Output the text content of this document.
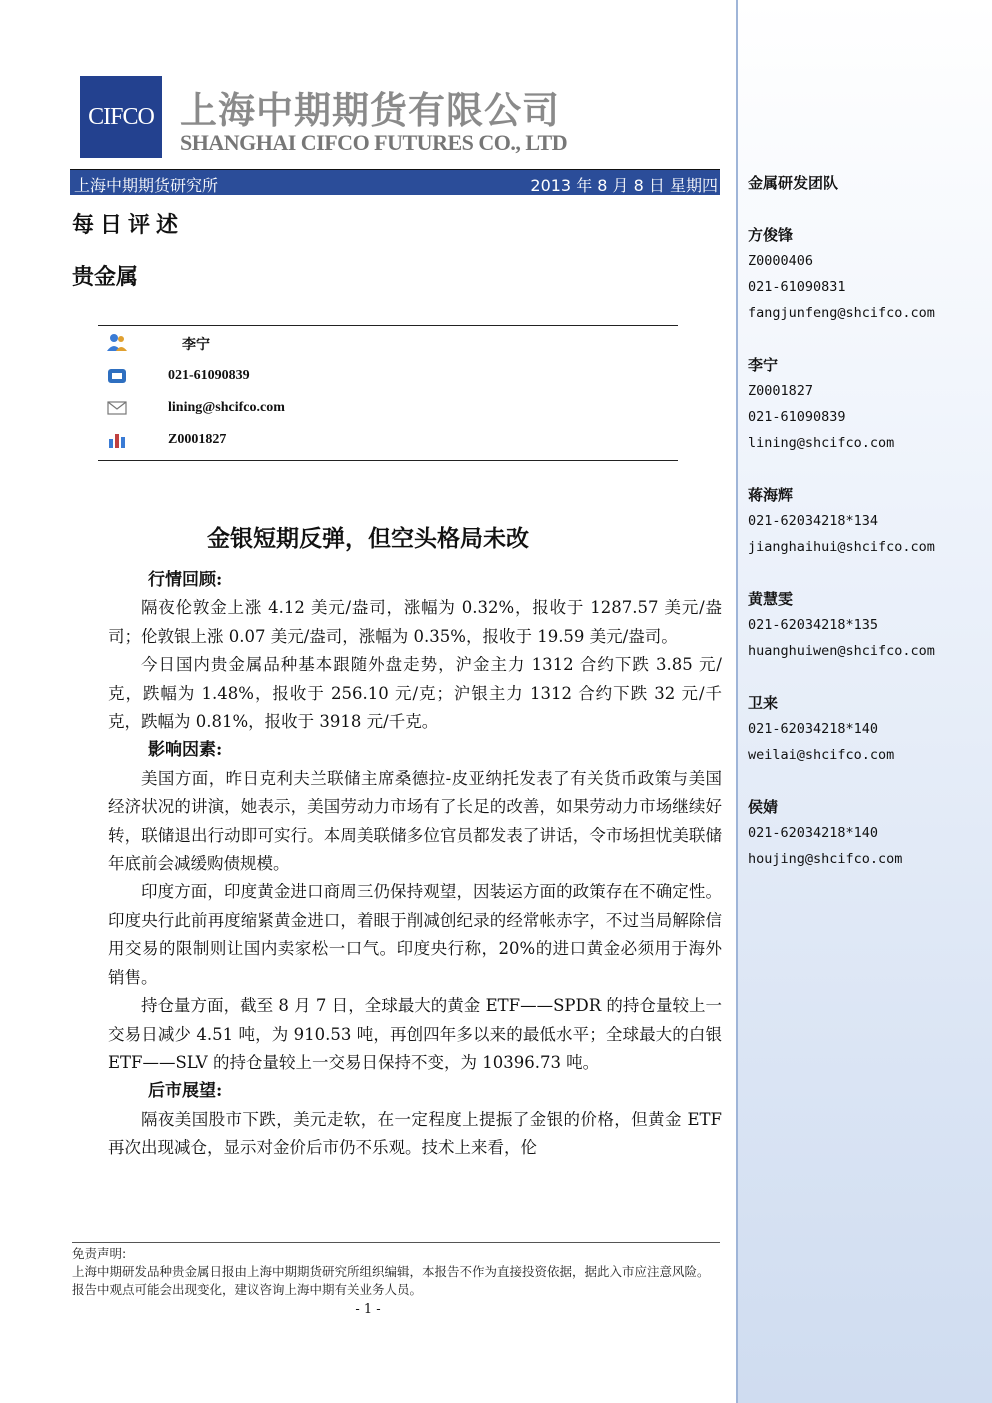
CIFCO 上海中期期货有限公司
SHANGHAI CIFCO FUTURES CO., LTD
上海中期期货研究所	2013 年 8 月 8 日 星期四
每日评述
贵金属
李宁
021-61090839
lining@shcifco.com
Z0001827
金银短期反弹，但空头格局未改
行情回顾:

隔夜伦敦金上涨 4.12 美元/盎司，涨幅为 0.32%，报收于 1287.57 美元/盎司；伦敦银上涨 0.07 美元/盎司，涨幅为 0.35%，报收于 19.59 美元/盎司。

今日国内贵金属品种基本跟随外盘走势，沪金主力 1312 合约下跌 3.85 元/克，跌幅为 1.48%，报收于 256.10 元/克；沪银主力 1312 合约下跌 32 元/千克，跌幅为 0.81%，报收于 3918 元/千克。

影响因素:

美国方面，昨日克利夫兰联储主席桑德拉-皮亚纳托发表了有关货币政策与美国经济状况的讲演，她表示，美国劳动力市场有了长足的改善，如果劳动力市场继续好转，联储退出行动即可实行。本周美联储多位官员都发表了讲话，令市场担忧美联储年底前会减缓购债规模。

印度方面，印度黄金进口商周三仍保持观望，因装运方面的政策存在不确定性。印度央行此前再度缩紧黄金进口，着眼于削减创纪录的经常帐赤字，不过当局解除信用交易的限制则让国内卖家松一口气。印度央行称，20%的进口黄金必须用于海外销售。

持仓量方面，截至 8 月 7 日，全球最大的黄金 ETF——SPDR 的持仓量较上一交易日减少 4.51 吨，为 910.53 吨，再创四年多以来的最低水平；全球最大的白银 ETF——SLV 的持仓量较上一交易日保持不变，为 10396.73 吨。

后市展望:

隔夜美国股市下跌，美元走软，在一定程度上提振了金银的价格，但黄金 ETF 再次出现减仓，显示对金价后市仍不乐观。技术上来看，伦

免责声明:
上海中期研发品种贵金属日报由上海中期期货研究所组织编辑，本报告不作为直接投资依据，据此入市应注意风险。报告中观点可能会出现变化，建议咨询上海中期有关业务人员。
- 1 -
金属研发团队
方俊锋
Z0000406
021-61090831
fangjunfeng@shcifco.com
李宁
Z0001827
021-61090839
lining@shcifco.com
蒋海辉
021-62034218*134
jianghaihui@shcifco.com
黄慧雯
021-62034218*135
huanghuiwen@shcifco.com
卫来
021-62034218*140
weilai@shcifco.com
侯婧
021-62034218*140
houjing@shcifco.com
